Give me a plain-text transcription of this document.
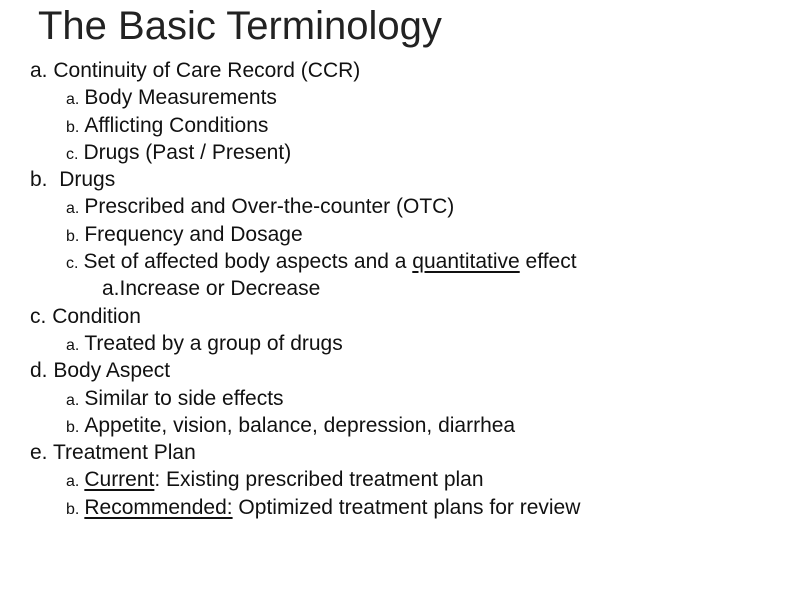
The Basic Terminology
a. Continuity of Care Record (CCR)
a. Body Measurements
b. Afflicting Conditions
c. Drugs (Past / Present)
b. Drugs
a. Prescribed and Over-the-counter (OTC)
b. Frequency and Dosage
c. Set of affected body aspects and a quantitative effect
a.Increase or Decrease
c. Condition
a. Treated by a group of drugs
d. Body Aspect
a. Similar to side effects
b. Appetite, vision, balance, depression, diarrhea
e. Treatment Plan
a. Current: Existing prescribed treatment plan
b. Recommended: Optimized treatment plans for review
